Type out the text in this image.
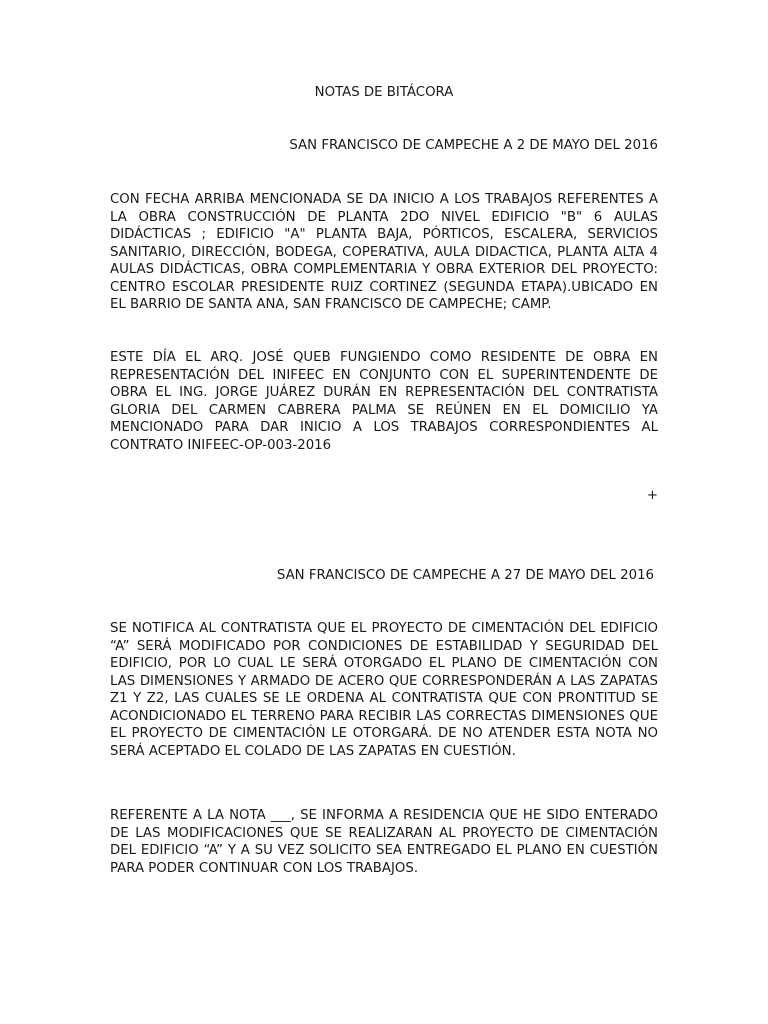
NOTAS DE BITÁCORA
SAN FRANCISCO DE CAMPECHE A 2 DE MAYO DEL 2016

CON FECHA ARRIBA MENCIONADA SE DA INICIO A LOS TRABAJOS REFERENTES A LA OBRA CONSTRUCCIÓN DE PLANTA 2DO NIVEL EDIFICIO "B" 6 AULAS DIDÁCTICAS ; EDIFICIO "A" PLANTA BAJA, PÓRTICOS, ESCALERA, SERVICIOS SANITARIO, DIRECCIÓN, BODEGA, COPERATIVA, AULA DIDACTICA, PLANTA ALTA 4 AULAS DIDÁCTICAS, OBRA COMPLEMENTARIA Y OBRA EXTERIOR DEL PROYECTO: CENTRO ESCOLAR PRESIDENTE RUIZ CORTINEZ (SEGUNDA ETAPA).UBICADO EN EL BARRIO DE SANTA ANA, SAN FRANCISCO DE CAMPECHE; CAMP.

ESTE DÍA EL ARQ. JOSÉ QUEB FUNGIENDO COMO RESIDENTE DE OBRA EN REPRESENTACIÓN DEL INIFEEC EN CONJUNTO CON EL SUPERINTENDENTE DE OBRA EL ING. JORGE JUÁREZ DURÁN EN REPRESENTACIÓN DEL CONTRATISTA GLORIA DEL CARMEN CABRERA PALMA SE REÚNEN EN EL DOMICILIO YA MENCIONADO PARA DAR INICIO A LOS TRABAJOS CORRESPONDIENTES AL CONTRATO INIFEEC-OP-003-2016

+
SAN FRANCISCO DE CAMPECHE A 27 DE MAYO DEL 2016

SE NOTIFICA AL CONTRATISTA QUE EL PROYECTO DE CIMENTACIÓN DEL EDIFICIO “A” SERÁ MODIFICADO POR CONDICIONES DE ESTABILIDAD Y SEGURIDAD DEL EDIFICIO, POR LO CUAL LE SERÁ OTORGADO EL PLANO DE CIMENTACIÓN CON LAS DIMENSIONES Y ARMADO DE ACERO QUE CORRESPONDERÁN A LAS ZAPATAS Z1 Y Z2, LAS CUALES SE LE ORDENA AL CONTRATISTA QUE CON PRONTITUD SE ACONDICIONADO EL TERRENO PARA RECIBIR LAS CORRECTAS DIMENSIONES QUE EL PROYECTO DE CIMENTACIÓN LE OTORGARÁ. DE NO ATENDER ESTA NOTA NO SERÁ ACEPTADO EL COLADO DE LAS ZAPATAS EN CUESTIÓN.

REFERENTE A LA NOTA ___, SE INFORMA A RESIDENCIA QUE HE SIDO ENTERADO DE LAS MODIFICACIONES QUE SE REALIZARAN AL PROYECTO DE CIMENTACIÓN DEL EDIFICIO “A” Y A SU VEZ SOLICITO SEA ENTREGADO EL PLANO EN CUESTIÓN PARA PODER CONTINUAR CON LOS TRABAJOS.
